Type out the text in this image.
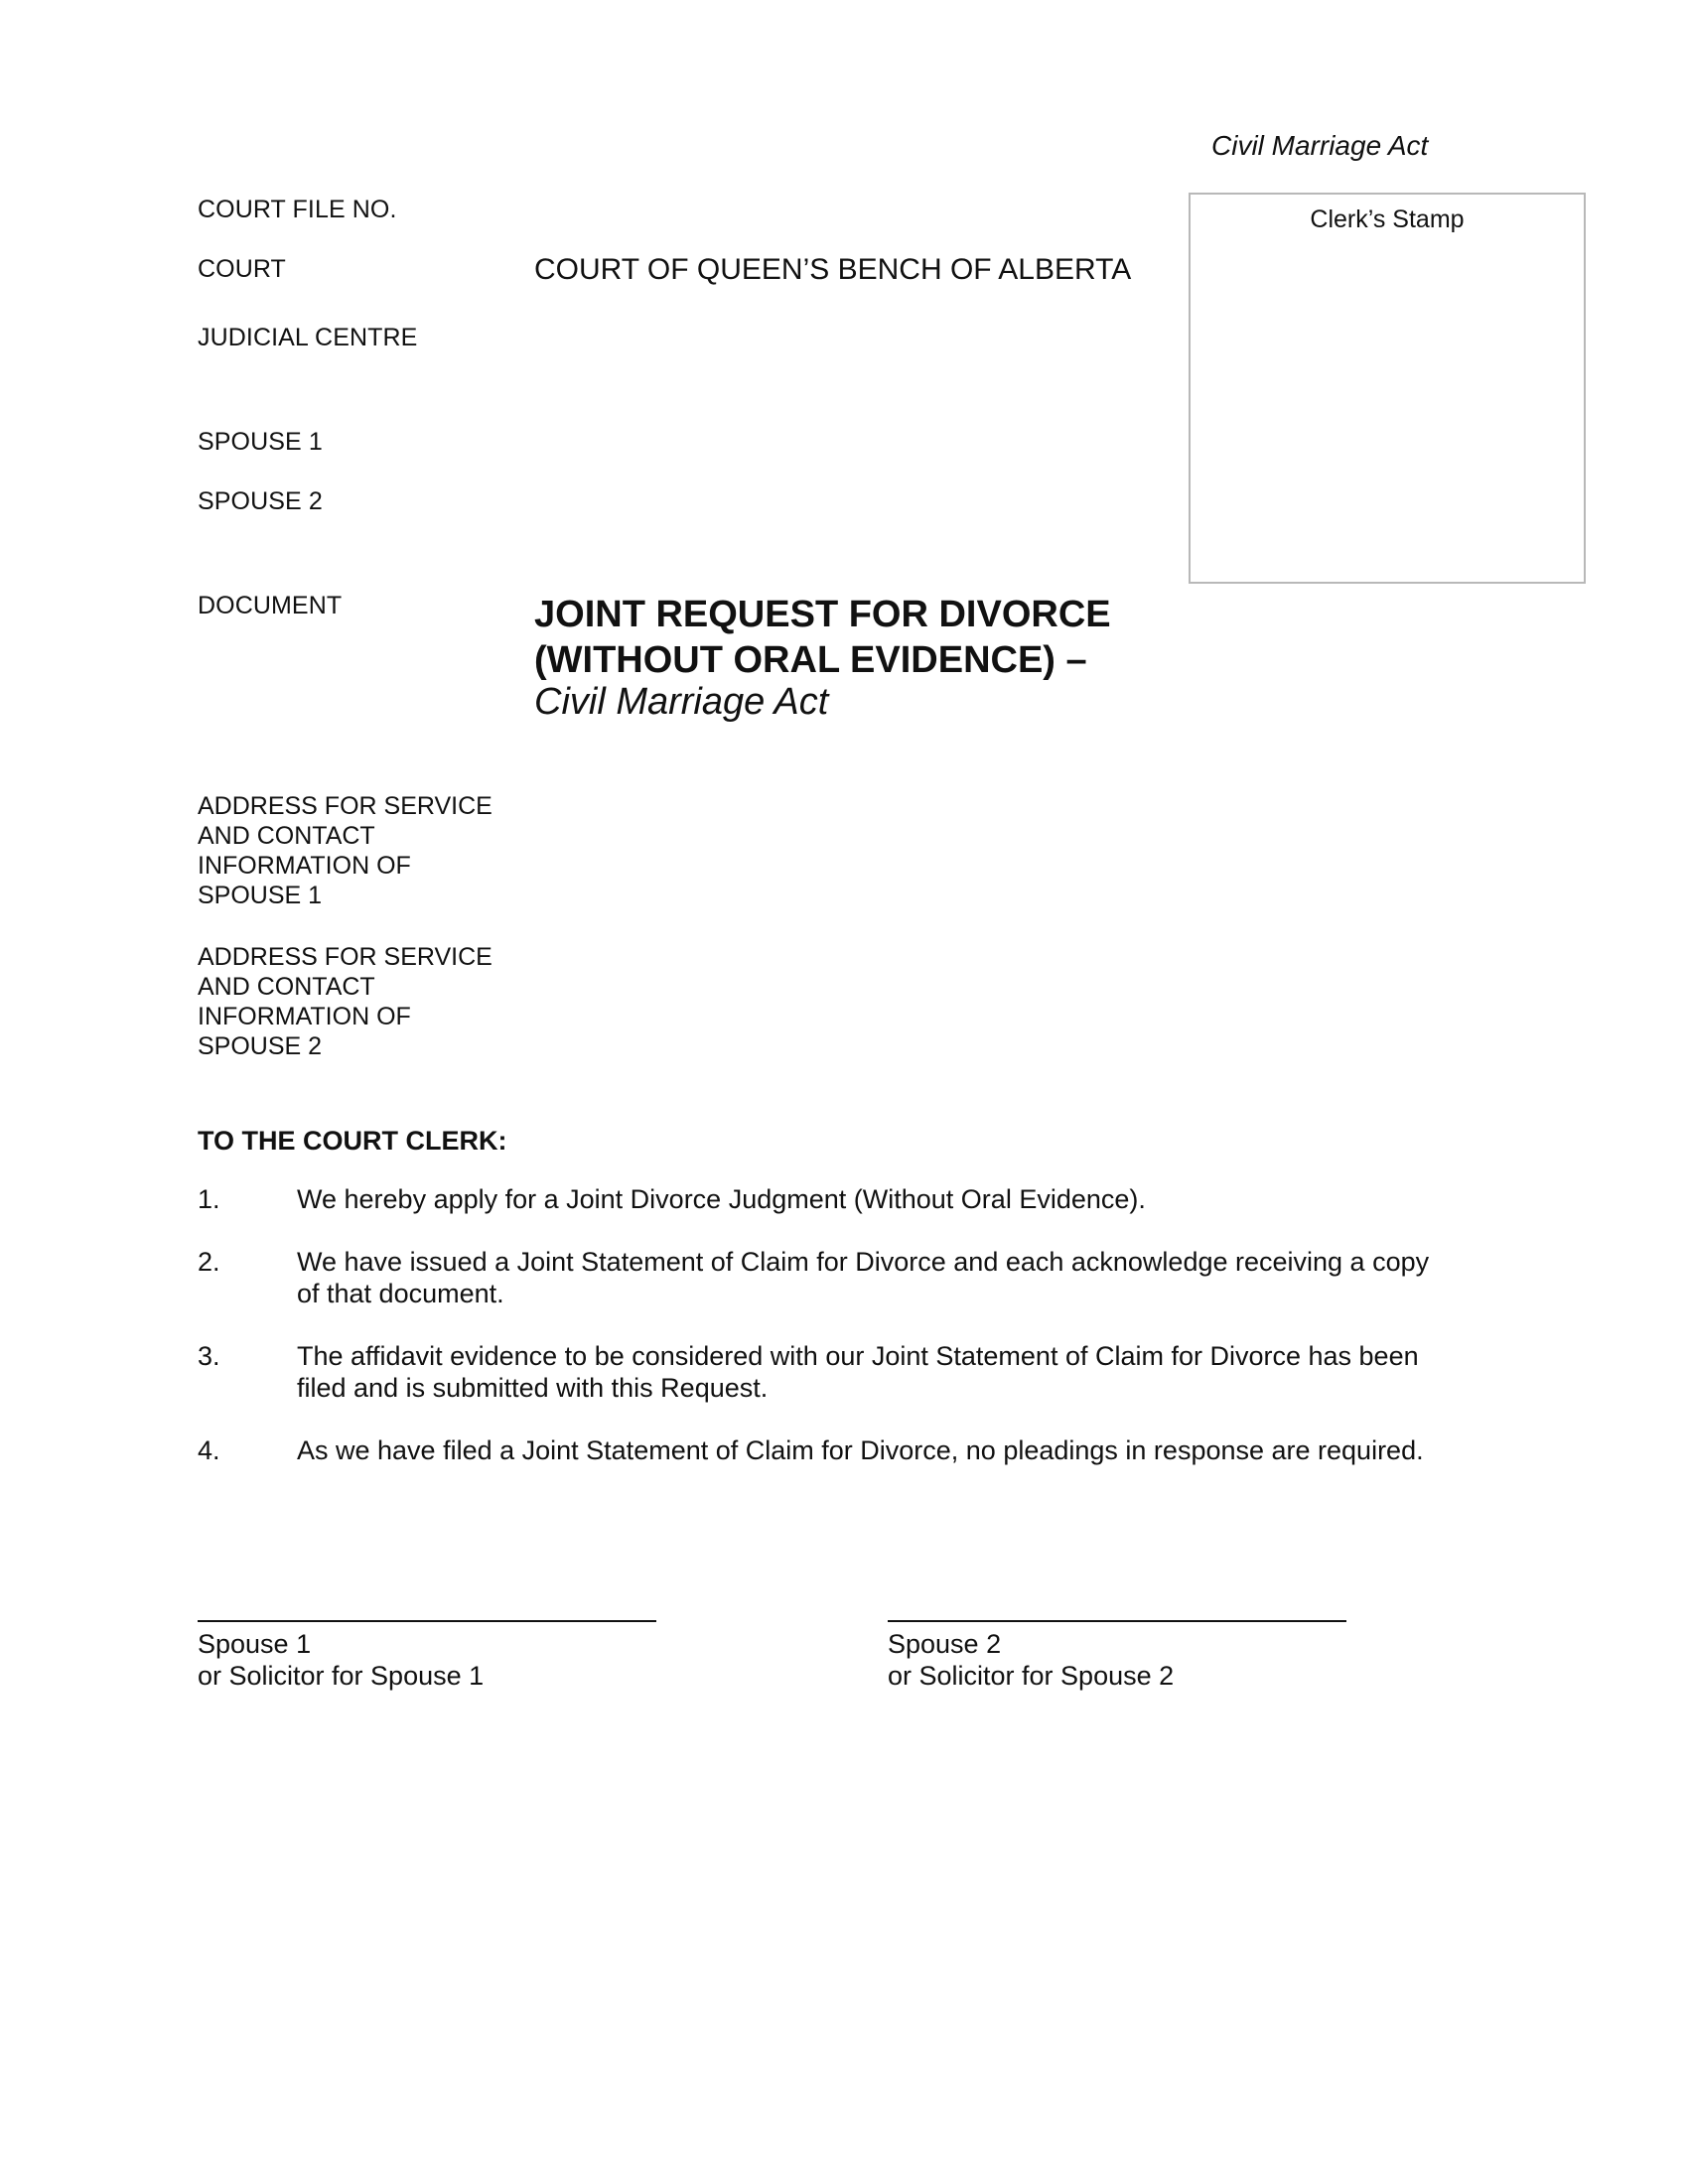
Civil Marriage Act
Clerk’s Stamp
COURT FILE NO.
COURT	COURT OF QUEEN’S BENCH OF ALBERTA
JUDICIAL CENTRE
SPOUSE 1
SPOUSE 2
DOCUMENT	JOINT REQUEST FOR DIVORCE
(WITHOUT ORAL EVIDENCE) –
Civil Marriage Act
ADDRESS FOR SERVICE
AND CONTACT
INFORMATION OF
SPOUSE 1
ADDRESS FOR SERVICE
AND CONTACT
INFORMATION OF
SPOUSE 2
TO THE COURT CLERK:
1.	We hereby apply for a Joint Divorce Judgment (Without Oral Evidence).
2.	We have issued a Joint Statement of Claim for Divorce and each acknowledge receiving a copy
of that document.
3.	The affidavit evidence to be considered with our Joint Statement of Claim for Divorce has been
filed and is submitted with this Request.
4.	As we have filed a Joint Statement of Claim for Divorce, no pleadings in response are required.
Spouse 1
or Solicitor for Spouse 1
Spouse 2
or Solicitor for Spouse 2
